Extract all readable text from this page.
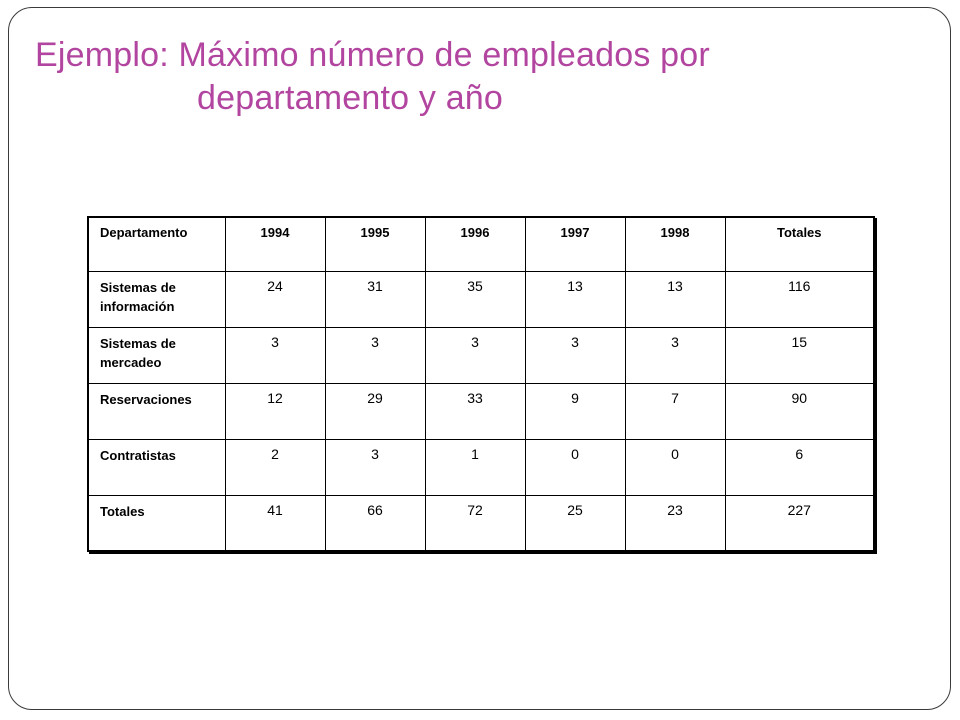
Ejemplo: Máximo número de empleados por
departamento y año
Departamento	1994	1995	1996	1997	1998	Totales
Sistemas de información	24	31	35	13	13	116
Sistemas de mercadeo	3	3	3	3	3	15
Reservaciones	12	29	33	9	7	90
Contratistas	2	3	1	0	0	6
Totales	41	66	72	25	23	227
